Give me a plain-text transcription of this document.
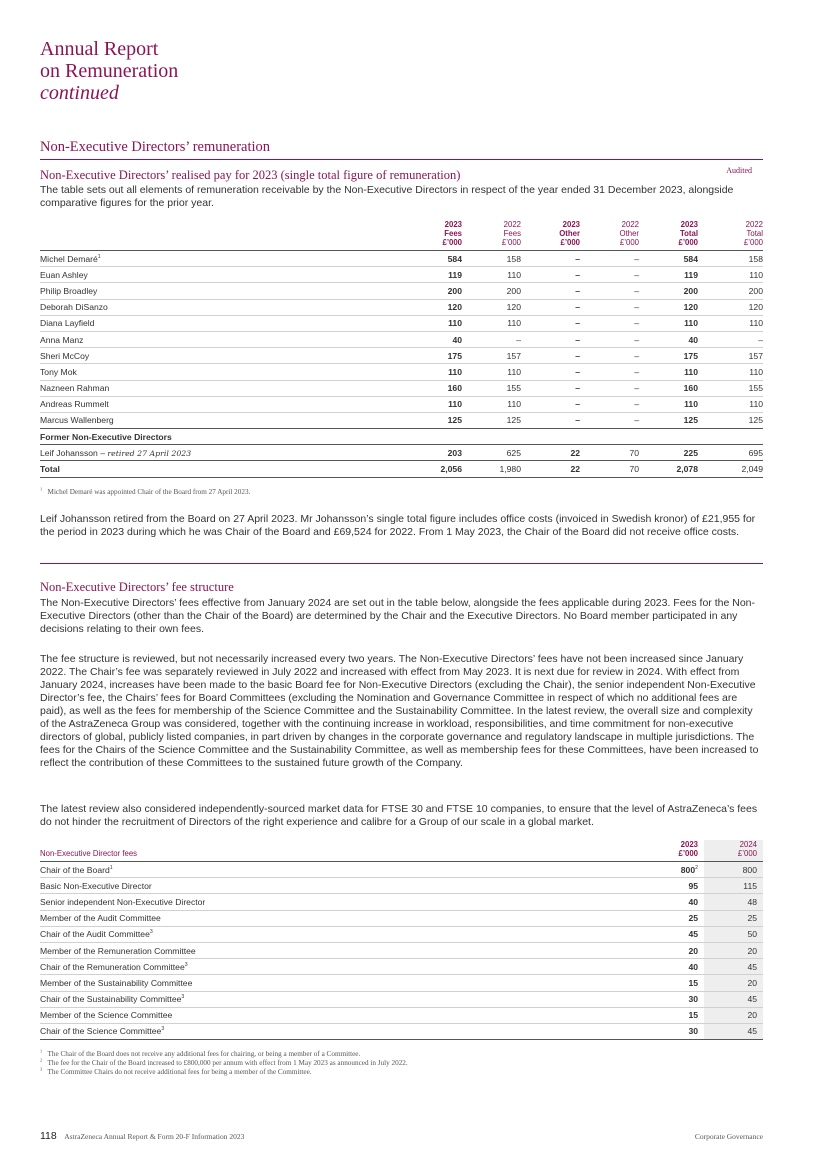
Annual Report
on Remuneration
continued
Non-Executive Directors’ remuneration
Non-Executive Directors’ realised pay for 2023 (single total figure of remuneration)	Audited
The table sets out all elements of remuneration receivable by the Non-Executive Directors in respect of the year ended 31 December 2023, alongside comparative figures for the prior year.
	2023
Fees
£’000	2022
Fees
£’000	2023
Other
£’000	2022
Other
£’000	2023
Total
£’000	2022
Total
£’000
Michel Demaré$^1$	584	158	–	–	584	158
Euan Ashley	119	110	–	–	119	110
Philip Broadley	200	200	–	–	200	200
Deborah DiSanzo	120	120	–	–	120	120
Diana Layfield	110	110	–	–	110	110
Anna Manz	40	–	–	–	40	–
Sheri McCoy	175	157	–	–	175	157
Tony Mok	110	110	–	–	110	110
Nazneen Rahman	160	155	–	–	160	155
Andreas Rummelt	110	110	–	–	110	110
Marcus Wallenberg	125	125	–	–	125	125
Former Non-Executive Directors						
Leif Johansson – retired 27 April 2023	203	625	22	70	225	695
Total	2,056	1,980	22	70	2,078	2,049
$^1$ Michel Demaré was appointed Chair of the Board from 27 April 2023.
Leif Johansson retired from the Board on 27 April 2023. Mr Johansson’s single total figure includes office costs (invoiced in Swedish kronor) of £21,955 for the period in 2023 during which he was Chair of the Board and £69,524 for 2022. From 1 May 2023, the Chair of the Board did not receive office costs.
Non-Executive Directors’ fee structure
The Non-Executive Directors’ fees effective from January 2024 are set out in the table below, alongside the fees applicable during 2023. Fees for the Non-Executive Directors (other than the Chair of the Board) are determined by the Chair and the Executive Directors. No Board member participated in any decisions relating to their own fees.
The fee structure is reviewed, but not necessarily increased every two years. The Non-Executive Directors’ fees have not been increased since January 2022. The Chair’s fee was separately reviewed in July 2022 and increased with effect from May 2023. It is next due for review in 2024. With effect from January 2024, increases have been made to the basic Board fee for Non-Executive Directors (excluding the Chair), the senior independent Non-Executive Director’s fee, the Chairs’ fees for Board Committees (excluding the Nomination and Governance Committee in respect of which no additional fees are paid), as well as the fees for membership of the Science Committee and the Sustainability Committee. In the latest review, the overall size and complexity of the AstraZeneca Group was considered, together with the continuing increase in workload, responsibilities, and time commitment for non-executive directors of global, publicly listed companies, in part driven by changes in the corporate governance and regulatory landscape in multiple jurisdictions. The fees for the Chairs of the Science Committee and the Sustainability Committee, as well as membership fees for these Committees, have been increased to reflect the contribution of these Committees to the sustained future growth of the Company.
The latest review also considered independently-sourced market data for FTSE 30 and FTSE 10 companies, to ensure that the level of AstraZeneca’s fees do not hinder the recruitment of Directors of the right experience and calibre for a Group of our scale in a global market.
Non-Executive Director fees	2023
£’000	2024
£’000
Chair of the Board$^1$	$800^2$	800
Basic Non-Executive Director	95	115
Senior independent Non-Executive Director	40	48
Member of the Audit Committee	25	25
Chair of the Audit Committee$^3$	45	50
Member of the Remuneration Committee	20	20
Chair of the Remuneration Committee$^3$	40	45
Member of the Sustainability Committee	15	20
Chair of the Sustainability Committee$^3$	30	45
Member of the Science Committee	15	20
Chair of the Science Committee$^3$	30	45
$^1$ The Chair of the Board does not receive any additional fees for chairing, or being a member of a Committee.
$^2$ The fee for the Chair of the Board increased to £800,000 per annum with effect from 1 May 2023 as announced in July 2022.
$^3$ The Committee Chairs do not receive additional fees for being a member of the Committee.
118 AstraZeneca Annual Report & Form 20-F Information 2023	Corporate Governance
